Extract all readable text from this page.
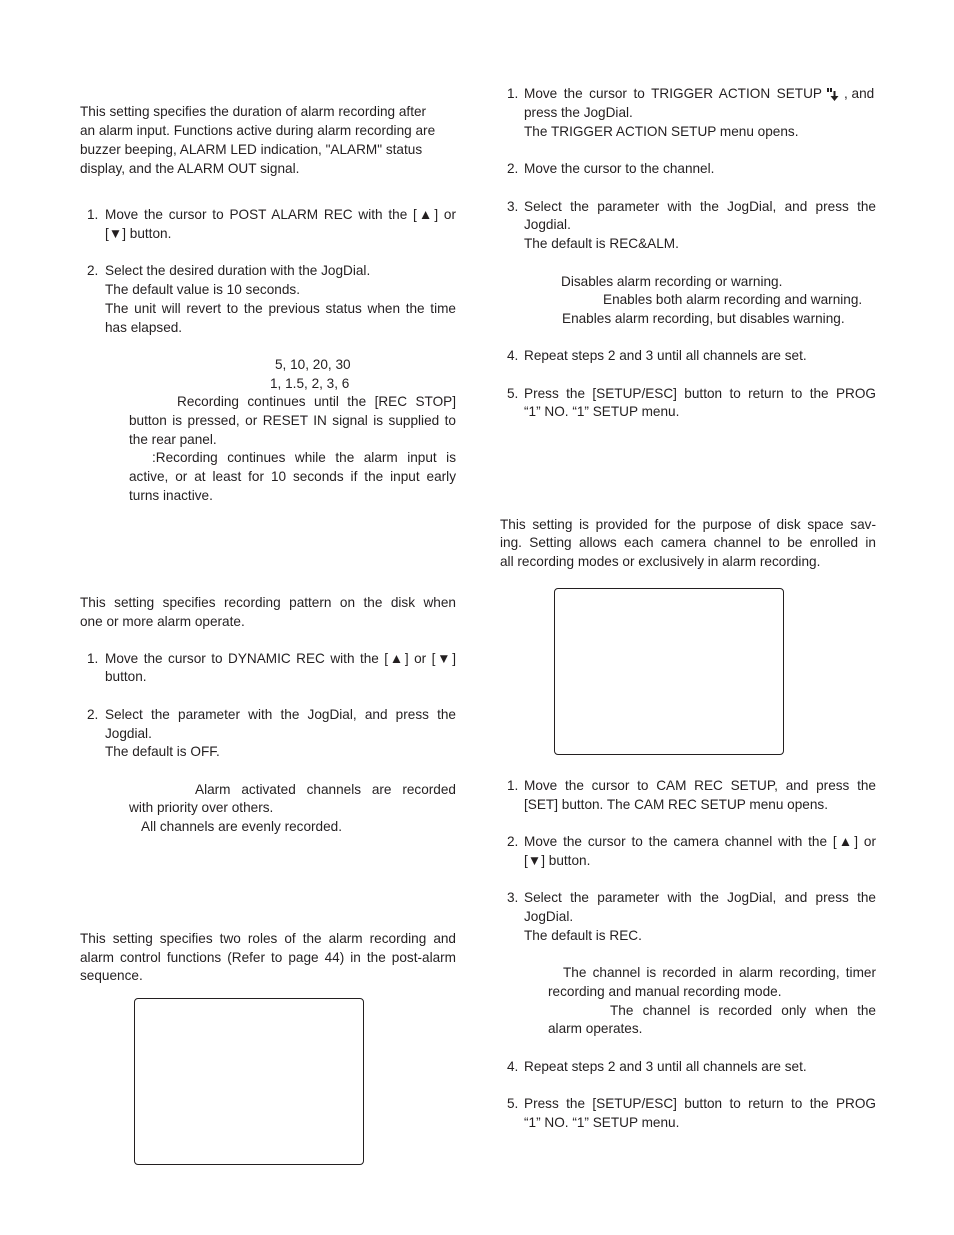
This setting specifies the duration of alarm recording after
an alarm input. Functions active during alarm recording are
buzzer beeping, ALARM LED indication, "ALARM" status
display, and the ALARM OUT signal.
1. Move the cursor to POST ALARM REC with the [▲] or
[▼] button.
2. Select the desired duration with the JogDial.
The default value is 10 seconds.
The unit will revert to the previous status when the time
has elapsed.
5, 10, 20, 30
1, 1.5, 2, 3, 6
Recording continues until the [REC STOP]
button is pressed, or RESET IN signal is supplied to
the rear panel.
:Recording continues while the alarm input is
active, or at least for 10 seconds if the input early
turns inactive.
This setting specifies recording pattern on the disk when
one or more alarm operate.
1. Move the cursor to DYNAMIC REC with the [▲] or [▼]
button.
2. Select the parameter with the JogDial, and press the
Jogdial.
The default is OFF.
Alarm activated channels are recorded
with priority over others.
All channels are evenly recorded.
This setting specifies two roles of the alarm recording and
alarm control functions (Refer to page 44) in the post-alarm
sequence.
1. Move the cursor to TRIGGER ACTION SETUP , and
press the JogDial.
The TRIGGER ACTION SETUP menu opens.
2. Move the cursor to the channel.
3. Select the parameter with the JogDial, and press the
Jogdial.
The default is REC&ALM.
Disables alarm recording or warning.
Enables both alarm recording and warning.
Enables alarm recording, but disables warning.
4. Repeat steps 2 and 3 until all channels are set.
5. Press the [SETUP/ESC] button to return to the PROG
“1” NO. “1” SETUP menu.
This setting is provided for the purpose of disk space sav-
ing. Setting allows each camera channel to be enrolled in
all recording modes or exclusively in alarm recording.
1. Move the cursor to CAM REC SETUP, and press the
[SET] button. The CAM REC SETUP menu opens.
2. Move the cursor to the camera channel with the [▲] or
[▼] button.
3. Select the parameter with the JogDial, and press the
JogDial.
The default is REC.
The channel is recorded in alarm recording, timer
recording and manual recording mode.
The channel is recorded only when the
alarm operates.
4. Repeat steps 2 and 3 until all channels are set.
5. Press the [SETUP/ESC] button to return to the PROG
“1” NO. “1” SETUP menu.
